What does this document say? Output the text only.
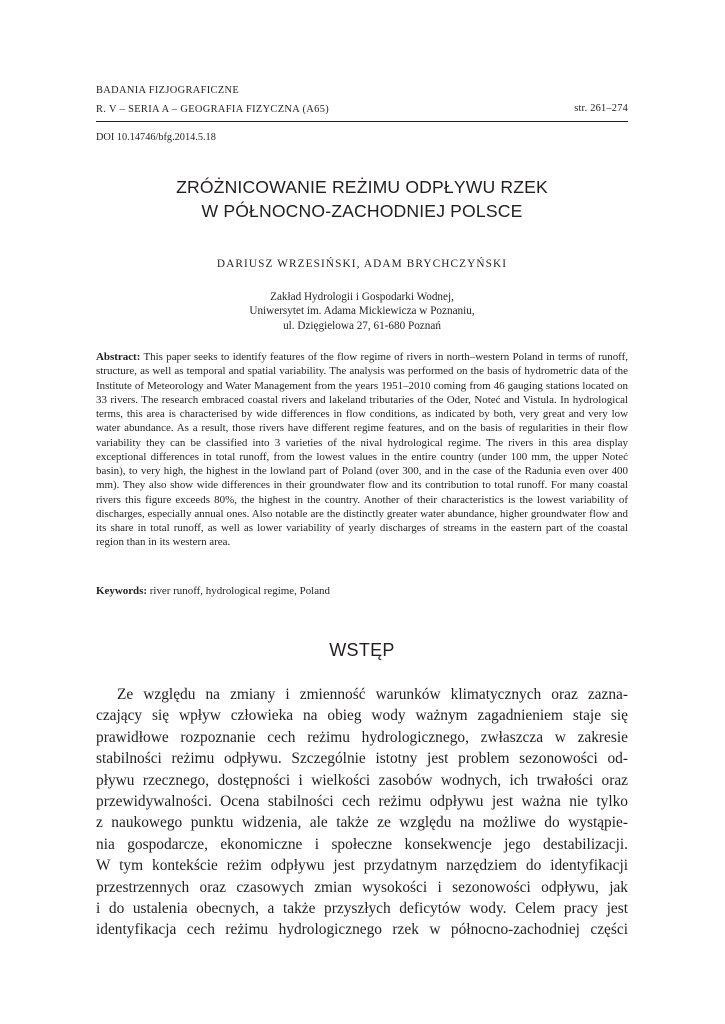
BADANIA FIZJOGRAFICZNE
R. V – SERIA A – GEOGRAFIA FIZYCZNA (A65)	str. 261–274
DOI 10.14746/bfg.2014.5.18
ZRÓŻNICOWANIE REŻIMU ODPŁYWU RZEK
W PÓŁNOCNO-ZACHODNIEJ POLSCE
DARIUSZ WRZESIŃSKI, ADAM BRYCHCZYŃSKI
Zakład Hydrologii i Gospodarki Wodnej,
Uniwersytet im. Adama Mickiewicza w Poznaniu,
ul. Dzięgielowa 27, 61-680 Poznań
Abstract: This paper seeks to identify features of the flow regime of rivers in north–western Poland in terms of runoff, structure, as well as temporal and spatial variability. The analysis was performed on the basis of hydrometric data of the Institute of Meteorology and Water Management from the years 1951–2010 coming from 46 gauging stations located on 33 rivers. The research embraced coastal rivers and lakeland tributaries of the Oder, Noteć and Vistula. In hydrological terms, this area is characterised by wide differences in flow conditions, as indicated by both, very great and very low water abundance. As a result, those rivers have different regime features, and on the basis of regularities in their flow variability they can be classified into 3 varieties of the nival hydrological regime. The rivers in this area display exceptional differences in total runoff, from the lowest values in the entire country (under 100 mm, the upper Noteć basin), to very high, the highest in the lowland part of Poland (over 300, and in the case of the Radunia even over 400 mm). They also show wide differences in their groundwater flow and its contribution to total runoff. For many coastal rivers this figure exceeds 80%, the highest in the country. Another of their characteristics is the lowest variability of discharges, especially annual ones. Also notable are the distinctly greater water abundance, higher groundwater flow and its share in total runoff, as well as lower variability of yearly discharges of streams in the eastern part of the coastal region than in its western area.
Keywords: river runoff, hydrological regime, Poland
WSTĘP
Ze względu na zmiany i zmienność warunków klimatycznych oraz zazna-
czający się wpływ człowieka na obieg wody ważnym zagadnieniem staje się
prawidłowe rozpoznanie cech reżimu hydrologicznego, zwłaszcza w zakresie
stabilności reżimu odpływu. Szczególnie istotny jest problem sezonowości od-
pływu rzecznego, dostępności i wielkości zasobów wodnych, ich trwałości oraz
przewidywalności. Ocena stabilności cech reżimu odpływu jest ważna nie tylko
z naukowego punktu widzenia, ale także ze względu na możliwe do wystąpie-
nia gospodarcze, ekonomiczne i społeczne konsekwencje jego destabilizacji.
W tym kontekście reżim odpływu jest przydatnym narzędziem do identyfikacji
przestrzennych oraz czasowych zmian wysokości i sezonowości odpływu, jak
i do ustalenia obecnych, a także przyszłych deficytów wody. Celem pracy jest
identyfikacja cech reżimu hydrologicznego rzek w północno-zachodniej części
